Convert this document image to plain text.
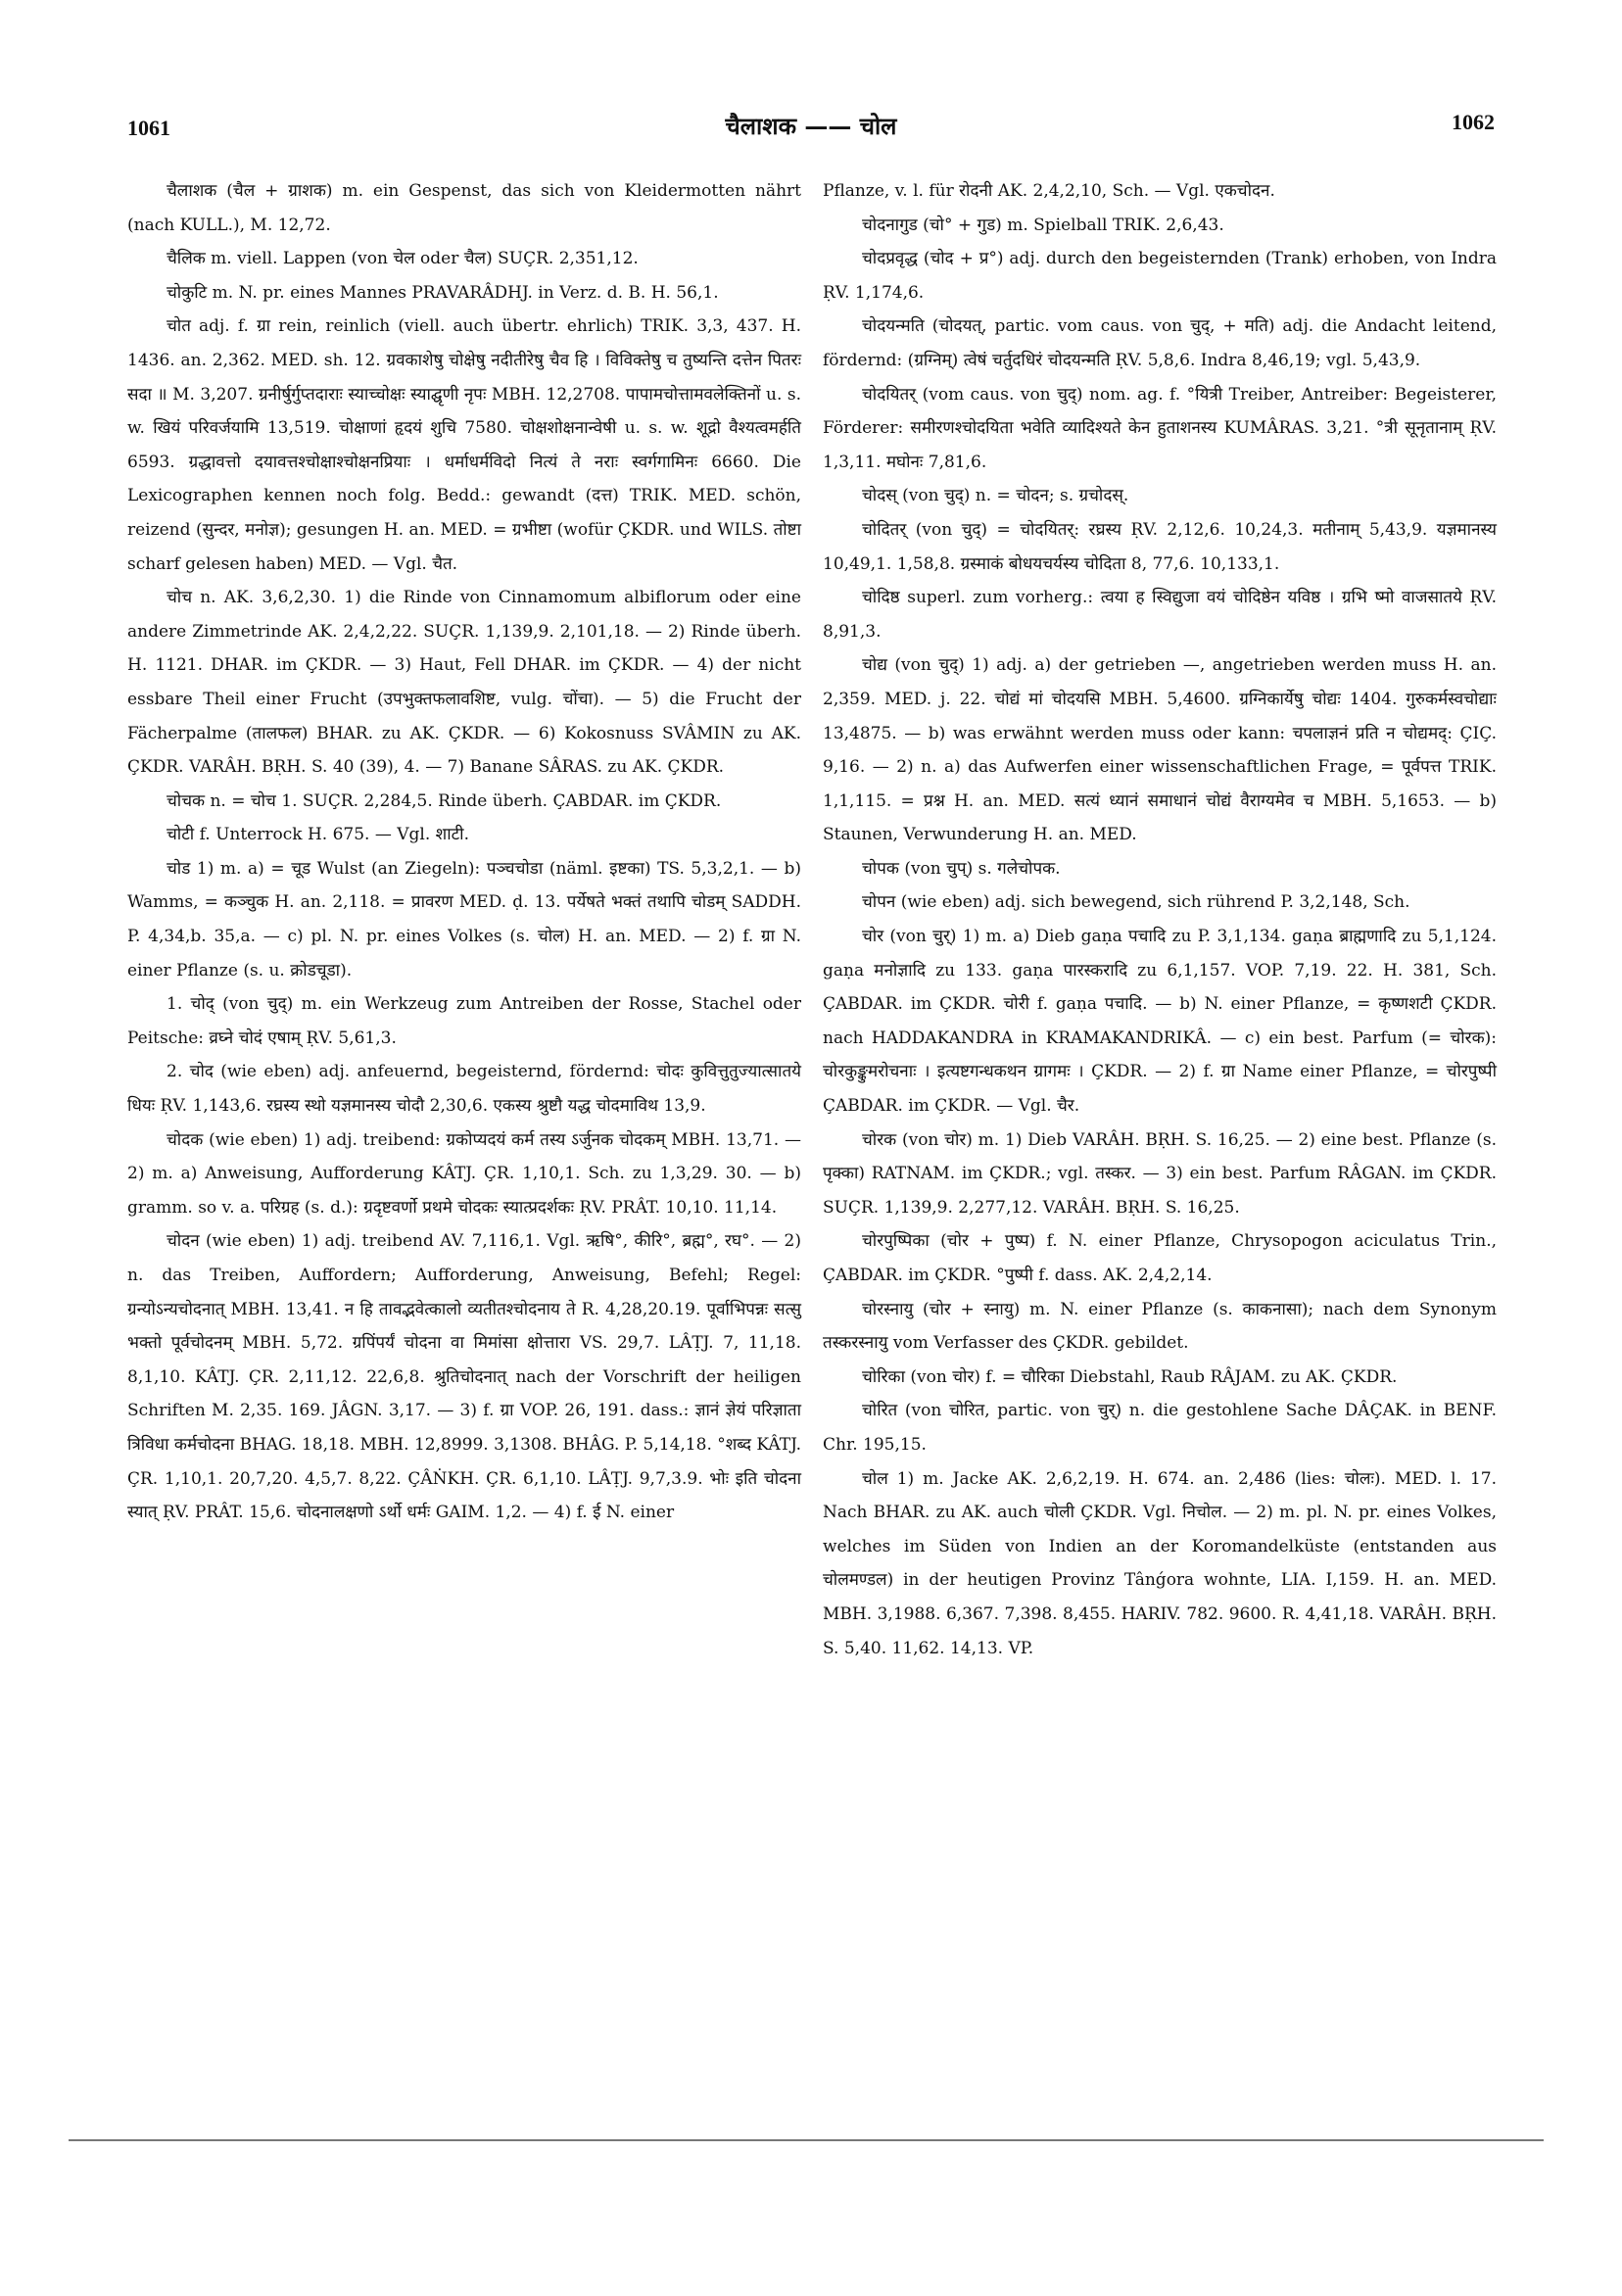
1061	चैलाशक —— चोल	1062

चैलाशक (चैल + ग्राशक) m. ein Gespenst, das sich von Kleidermotten nährt (nach KULL.), M. 12,72.

चैलिक m. viell. Lappen (von चेल oder चैल) SUÇR. 2,351,12.

चोकुटि m. N. pr. eines Mannes PRAVARÂDHJ. in Verz. d. B. H. 56,1.

चोत adj. f. ग्रा rein, reinlich (viell. auch übertr. ehrlich) TRIK. 3,3, 437. H. 1436. an. 2,362. MED. sh. 12. ग्रवकाशेषु चोक्षेषु नदीतीरेषु चैव हि । विविक्तेषु च तुष्यन्ति दत्तेन पितरः सदा ॥ M. 3,207. ग्रनीर्षुर्गुप्तदाराः स्याच्चोक्षः स्याद्घृणी नृपः MBH. 12,2708. पापामचोत्तामवलेक्तिनों u. s. w. खियं परिवर्जयामि 13,519. चोक्षाणां हृदयं शुचि 7580. चोक्षशोक्षनान्वेषी u. s. w. शूद्रो वैश्यत्वमर्हति 6593. ग्रद्धावत्तो दयावत्तश्चोक्षाश्चोक्षनप्रियाः । धर्माधर्मविदो नित्यं ते नराः स्वर्गगामिनः 6660. Die Lexicographen kennen noch folg. Bedd.: gewandt (दत्त) TRIK. MED. schön, reizend (सुन्दर, मनोज्ञ); gesungen H. an. MED. = ग्रभीष्टा (wofür ÇKDR. und WILS. तोष्टा scharf gelesen haben) MED. — Vgl. चैत.

चोच n. AK. 3,6,2,30. 1) die Rinde von Cinnamomum albiflorum oder eine andere Zimmetrinde AK. 2,4,2,22. SUÇR. 1,139,9. 2,101,18. — 2) Rinde überh. H. 1121. DHAR. im ÇKDR. — 3) Haut, Fell DHAR. im ÇKDR. — 4) der nicht essbare Theil einer Frucht (उपभुक्तफलावशिष्ट, vulg. चोंचा). — 5) die Frucht der Fächerpalme (तालफल) BHAR. zu AK. ÇKDR. — 6) Kokosnuss SVÂMIN zu AK. ÇKDR. VARÂH. BṚH. S. 40 (39), 4. — 7) Banane SÂRAS. zu AK. ÇKDR.

चोचक n. = चोच 1. SUÇR. 2,284,5. Rinde überh. ÇABDAR. im ÇKDR.

चोटी f. Unterrock H. 675. — Vgl. शाटी.

चोड 1) m. a) = चूड Wulst (an Ziegeln): पञ्चचोडा (näml. इष्टका) TS. 5,3,2,1. — b) Wamms, = कञ्चुक H. an. 2,118. = प्रावरण MED. ḍ. 13. पर्येषते भक्तं तथापि चोडम् SADDH. P. 4,34,b. 35,a. — c) pl. N. pr. eines Volkes (s. चोल) H. an. MED. — 2) f. ग्रा N. einer Pflanze (s. u. क्रोडचूडा).

1. चोद् (von चुद्) m. ein Werkzeug zum Antreiben der Rosse, Stachel oder Peitsche: व्रघ्ने चोदं एषाम् ṚV. 5,61,3.

2. चोद (wie eben) adj. anfeuernd, begeisternd, fördernd: चोदः कुवित्तुतुज्यात्सातये धियः ṚV. 1,143,6. रघ्रस्य स्थो यज्ञमानस्य चोदौ 2,30,6. एकस्य श्रुष्टौ यद्ध चोदमाविथ 13,9.

चोदक (wie eben) 1) adj. treibend: ग्रकोप्यदयं कर्म तस्य ऽर्जुनक चोदकम् MBH. 13,71. — 2) m. a) Anweisung, Aufforderung KÂTJ. ÇR. 1,10,1. Sch. zu 1,3,29. 30. — b) gramm. so v. a. परिग्रह (s. d.): ग्रदृष्टवर्णो प्रथमे चोदकः स्यात्प्रदर्शकः ṚV. PRÂT. 10,10. 11,14.

चोदन (wie eben) 1) adj. treibend AV. 7,116,1. Vgl. ऋषि°, कीरि°, ब्रह्म°, रघ°. — 2) n. das Treiben, Auffordern; Aufforderung, Anweisung, Befehl; Regel: ग्रन्योऽन्यचोदनात् MBH. 13,41. न हि तावद्भवेत्कालो व्यतीतश्चोदनाय ते R. 4,28,20.19. पूर्वाभिपन्नः सत्सु भक्तो पूर्वचोदनम् MBH. 5,72. ग्रपिंपर्यं चोदना वा मिमांसा क्षोत्तारा VS. 29,7. LÂṬJ. 7, 11,18. 8,1,10. KÂTJ. ÇR. 2,11,12. 22,6,8. श्रुतिचोदनात् nach der Vorschrift der heiligen Schriften M. 2,35. 169. JÂGN. 3,17. — 3) f. ग्रा VOP. 26, 191. dass.: ज्ञानं ज्ञेयं परिज्ञाता त्रिविधा कर्मचोदना BHAG. 18,18. MBH. 12,8999. 3,1308. BHÂG. P. 5,14,18. °शब्द KÂTJ. ÇR. 1,10,1. 20,7,20. 4,5,7. 8,22. ÇÂṄKH. ÇR. 6,1,10. LÂṬJ. 9,7,3.9. भोः इति चोदना स्यात् ṚV. PRÂT. 15,6. चोदनालक्षणो ऽर्थो धर्मः GAIM. 1,2. — 4) f. ई N. einer

Pflanze, v. l. für रोदनी AK. 2,4,2,10, Sch. — Vgl. एकचोदन.

चोदनागुड (चो° + गुड) m. Spielball TRIK. 2,6,43.

चोदप्रवृद्ध (चोद + प्र°) adj. durch den begeisternden (Trank) erhoben, von Indra ṚV. 1,174,6.

चोदयन्मति (चोदयत्, partic. vom caus. von चुद्, + मति) adj. die Andacht leitend, fördernd: (ग्रग्निम्) त्वेषं चर्तुदधिरं चोदयन्मति ṚV. 5,8,6. Indra 8,46,19; vgl. 5,43,9.

चोदयितर् (vom caus. von चुद्) nom. ag. f. °यित्री Treiber, Antreiber: Begeisterer, Förderer: समीरणश्चोदयिता भवेति व्यादिश्यते केन हुताशनस्य KUMÂRAS. 3,21. °त्री सूनृतानाम् ṚV. 1,3,11. मघोनः 7,81,6.

चोदस् (von चुद्) n. = चोदन; s. ग्रचोदस्.

चोदितर् (von चुद्) = चोदयितर्: रघ्रस्य ṚV. 2,12,6. 10,24,3. मतीनाम् 5,43,9. यज्ञमानस्य 10,49,1. 1,58,8. ग्रस्माकं बोधयचर्यस्य चोदिता 8, 77,6. 10,133,1.

चोदिष्ठ superl. zum vorherg.: त्वया ह स्विद्युजा वयं चोदिष्ठेन यविष्ठ । ग्रभि ष्मो वाजसातये ṚV. 8,91,3.

चोद्य (von चुद्) 1) adj. a) der getrieben —, angetrieben werden muss H. an. 2,359. MED. j. 22. चोद्यं मां चोदयसि MBH. 5,4600. ग्रग्निकार्येषु चोद्यः 1404. गुरुकर्मस्वचोद्याः 13,4875. — b) was erwähnt werden muss oder kann: चपलाज्ञनं प्रति न चोद्यमद्: ÇIÇ. 9,16. — 2) n. a) das Aufwerfen einer wissenschaftlichen Frage, = पूर्वपत्त TRIK. 1,1,115. = प्रश्न H. an. MED. सत्यं ध्यानं समाधानं चोद्यं वैराग्यमेव च MBH. 5,1653. — b) Staunen, Verwunderung H. an. MED.

चोपक (von चुप्) s. गलेचोपक.

चोपन (wie eben) adj. sich bewegend, sich rührend P. 3,2,148, Sch.

चोर (von चुर्) 1) m. a) Dieb gaṇa पचादि zu P. 3,1,134. gaṇa ब्राह्मणादि zu 5,1,124. gaṇa मनोज्ञादि zu 133. gaṇa पारस्करादि zu 6,1,157. VOP. 7,19. 22. H. 381, Sch. ÇABDAR. im ÇKDR. चोरी f. gaṇa पचादि. — b) N. einer Pflanze, = कृष्णशटी ÇKDR. nach HADDAKANDRA in KRAMAKANDRIKÂ. — c) ein best. Parfum (= चोरक): चोरकुङ्कुमरोचनाः । इत्यष्टगन्धकथन ग्रागमः । ÇKDR. — 2) f. ग्रा Name einer Pflanze, = चोरपुष्पी ÇABDAR. im ÇKDR. — Vgl. चैर.

चोरक (von चोर) m. 1) Dieb VARÂH. BṚH. S. 16,25. — 2) eine best. Pflanze (s. पृक्का) RATNAM. im ÇKDR.; vgl. तस्कर. — 3) ein best. Parfum RÂGAN. im ÇKDR. SUÇR. 1,139,9. 2,277,12. VARÂH. BṚH. S. 16,25.

चोरपुष्पिका (चोर + पुष्प) f. N. einer Pflanze, Chrysopogon aciculatus Trin., ÇABDAR. im ÇKDR. °पुष्पी f. dass. AK. 2,4,2,14.

चोरस्नायु (चोर + स्नायु) m. N. einer Pflanze (s. काकनासा); nach dem Synonym तस्करस्नायु vom Verfasser des ÇKDR. gebildet.

चोरिका (von चोर) f. = चौरिका Diebstahl, Raub RÂJAM. zu AK. ÇKDR.

चोरित (von चोरित, partic. von चुर्) n. die gestohlene Sache DÂÇAK. in BENF. Chr. 195,15.

चोल 1) m. Jacke AK. 2,6,2,19. H. 674. an. 2,486 (lies: चोलः). MED. l. 17. Nach BHAR. zu AK. auch चोली ÇKDR. Vgl. निचोल. — 2) m. pl. N. pr. eines Volkes, welches im Süden von Indien an der Koromandelküste (entstanden aus चोलमण्डल) in der heutigen Provinz Tânǵora wohnte, LIA. I,159. H. an. MED. MBH. 3,1988. 6,367. 7,398. 8,455. HARIV. 782. 9600. R. 4,41,18. VARÂH. BṚH. S. 5,40. 11,62. 14,13. VP.
